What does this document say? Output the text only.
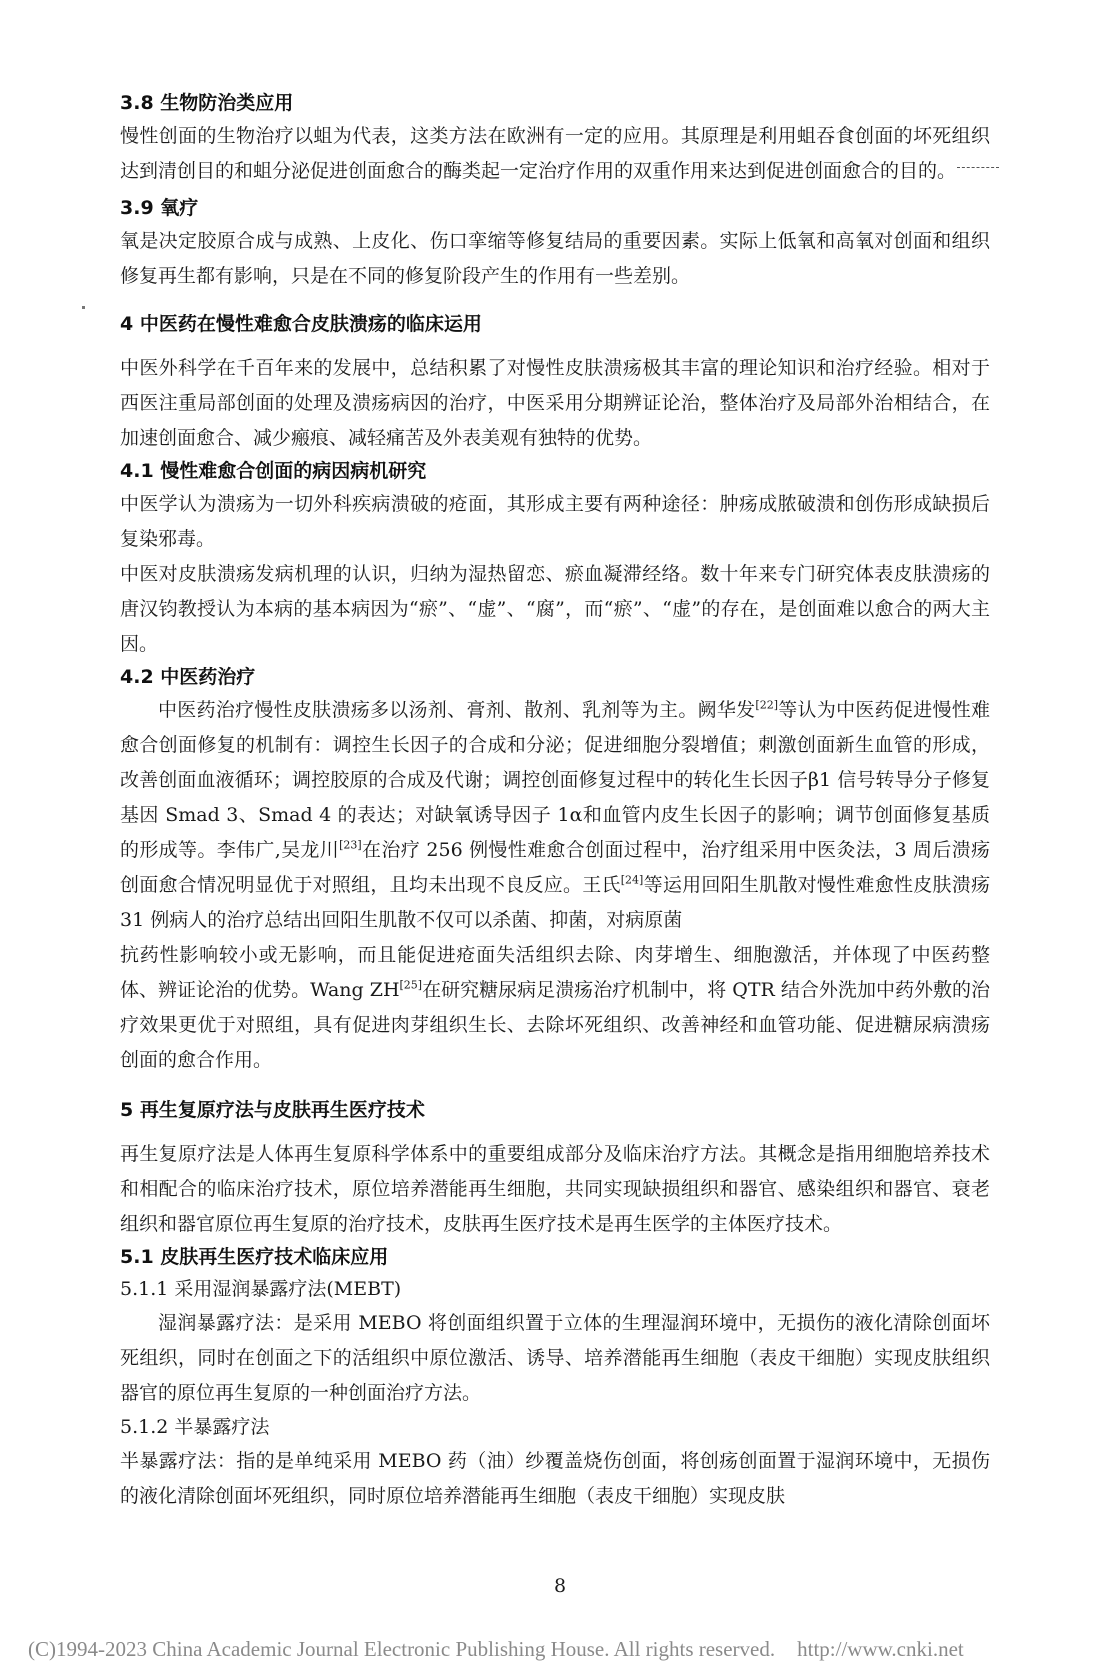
3.8 生物防治类应用

慢性创面的生物治疗以蛆为代表，这类方法在欧洲有一定的应用。其原理是利用蛆吞食创面的坏死组织达到清创目的和蛆分泌促进创面愈合的酶类起一定治疗作用的双重作用来达到促进创面愈合的目的。

3.9 氧疗

氧是决定胶原合成与成熟、上皮化、伤口挛缩等修复结局的重要因素。实际上低氧和高氧对创面和组织修复再生都有影响，只是在不同的修复阶段产生的作用有一些差别。

4 中医药在慢性难愈合皮肤溃疡的临床运用

中医外科学在千百年来的发展中，总结积累了对慢性皮肤溃疡极其丰富的理论知识和治疗经验。相对于西医注重局部创面的处理及溃疡病因的治疗，中医采用分期辨证论治，整体治疗及局部外治相结合，在加速创面愈合、减少瘢痕、减轻痛苦及外表美观有独特的优势。

4.1 慢性难愈合创面的病因病机研究

中医学认为溃疡为一切外科疾病溃破的疮面，其形成主要有两种途径：肿疡成脓破溃和创伤形成缺损后复染邪毒。

中医对皮肤溃疡发病机理的认识，归纳为湿热留恋、瘀血凝滞经络。数十年来专门研究体表皮肤溃疡的唐汉钧教授认为本病的基本病因为“瘀”、“虚”、“腐”，而“瘀”、“虚”的存在，是创面难以愈合的两大主因。

4.2 中医药治疗

中医药治疗慢性皮肤溃疡多以汤剂、膏剂、散剂、乳剂等为主。阙华发[22]等认为中医药促进慢性难愈合创面修复的机制有：调控生长因子的合成和分泌；促进细胞分裂增值；刺激创面新生血管的形成，改善创面血液循环；调控胶原的合成及代谢；调控创面修复过程中的转化生长因子β1 信号转导分子修复基因 Smad 3、Smad 4 的表达；对缺氧诱导因子 1α和血管内皮生长因子的影响；调节创面修复基质的形成等。李伟广,吴龙川[23]在治疗 256 例慢性难愈合创面过程中，治疗组采用中医灸法，3 周后溃疡创面愈合情况明显优于对照组，且均未出现不良反应。王氏[24]等运用回阳生肌散对慢性难愈性皮肤溃疡 31 例病人的治疗总结出回阳生肌散不仅可以杀菌、抑菌，对病原菌

抗药性影响较小或无影响，而且能促进疮面失活组织去除、肉芽增生、细胞激活，并体现了中医药整体、辨证论治的优势。Wang ZH[25]在研究糖尿病足溃疡治疗机制中，将 QTR 结合外洗加中药外敷的治疗效果更优于对照组，具有促进肉芽组织生长、去除坏死组织、改善神经和血管功能、促进糖尿病溃疡创面的愈合作用。

5 再生复原疗法与皮肤再生医疗技术

再生复原疗法是人体再生复原科学体系中的重要组成部分及临床治疗方法。其概念是指用细胞培养技术和相配合的临床治疗技术，原位培养潜能再生细胞，共同实现缺损组织和器官、感染组织和器官、衰老组织和器官原位再生复原的治疗技术，皮肤再生医疗技术是再生医学的主体医疗技术。

5.1 皮肤再生医疗技术临床应用

5.1.1 采用湿润暴露疗法(MEBT)

湿润暴露疗法：是采用 MEBO 将创面组织置于立体的生理湿润环境中，无损伤的液化清除创面坏死组织，同时在创面之下的活组织中原位激活、诱导、培养潜能再生细胞（表皮干细胞）实现皮肤组织器官的原位再生复原的一种创面治疗方法。

5.1.2 半暴露疗法

半暴露疗法：指的是单纯采用 MEBO 药（油）纱覆盖烧伤创面，将创疡创面置于湿润环境中，无损伤的液化清除创面坏死组织，同时原位培养潜能再生细胞（表皮干细胞）实现皮肤

8
(C)1994-2023 China Academic Journal Electronic Publishing House. All rights reserved. http://www.cnki.net
